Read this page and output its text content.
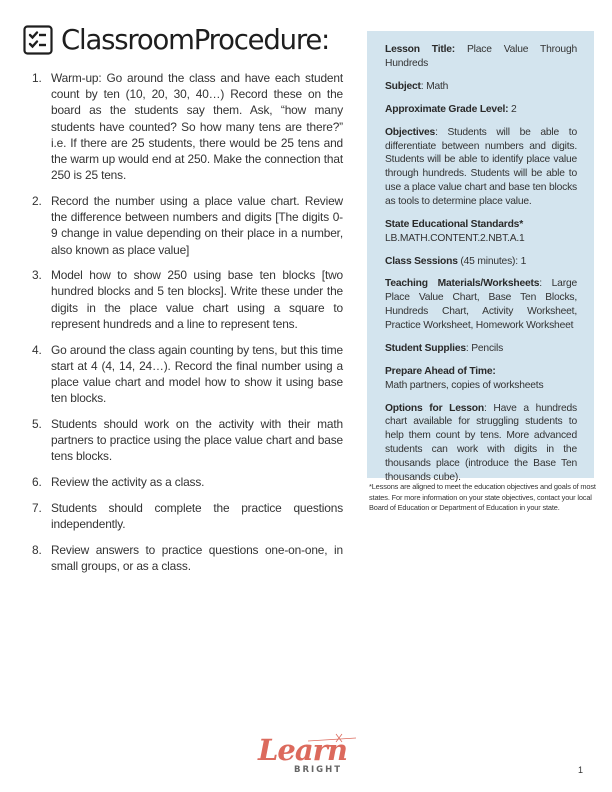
ClassroomProcedure:
1. Warm-up: Go around the class and have each student count by ten (10, 20, 30, 40…) Record these on the board as the students say them. Ask, “how many students have counted? So how many tens are there?” i.e. If there are 25 students, there would be 25 tens and the warm up would end at 250. Make the connection that 250 is 25 tens.
2. Record the number using a place value chart. Review the difference between numbers and digits [The digits 0-9 change in value depending on their place in a number, also known as place value]
3. Model how to show 250 using base ten blocks [two hundred blocks and 5 ten blocks]. Write these under the digits in the place value chart using a square to represent hundreds and a line to represent tens.
4. Go around the class again counting by tens, but this time start at 4 (4, 14, 24…). Record the final number using a place value chart and model how to show it using base ten blocks.
5. Students should work on the activity with their math partners to practice using the place value chart and base tens blocks.
6. Review the activity as a class.
7. Students should complete the practice questions independently.
8. Review answers to practice questions one-on-one, in small groups, or as a class.

Lesson Title: Place Value Through Hundreds

Subject: Math

Approximate Grade Level: 2

Objectives: Students will be able to differentiate between numbers and digits. Students will be able to identify place value through hundreds. Students will be able to use a place value chart and base ten blocks as tools to determine place value.

State Educational Standards*
LB.MATH.CONTENT.2.NBT.A.1

Class Sessions (45 minutes): 1

Teaching Materials/Worksheets: Large Place Value Chart, Base Ten Blocks, Hundreds Chart, Activity Worksheet, Practice Worksheet, Homework Worksheet

Student Supplies: Pencils

Prepare Ahead of Time:
Math partners, copies of worksheets

Options for Lesson: Have a hundreds chart available for struggling students to help them count by tens. More advanced students can work with digits in the thousands place (introduce the Base Ten thousands cube).

*Lessons are aligned to meet the education objectives and goals of most states. For more information on your state objectives, contact your local Board of Education or Department of Education in your state.
Learn
BRIGHT	1
